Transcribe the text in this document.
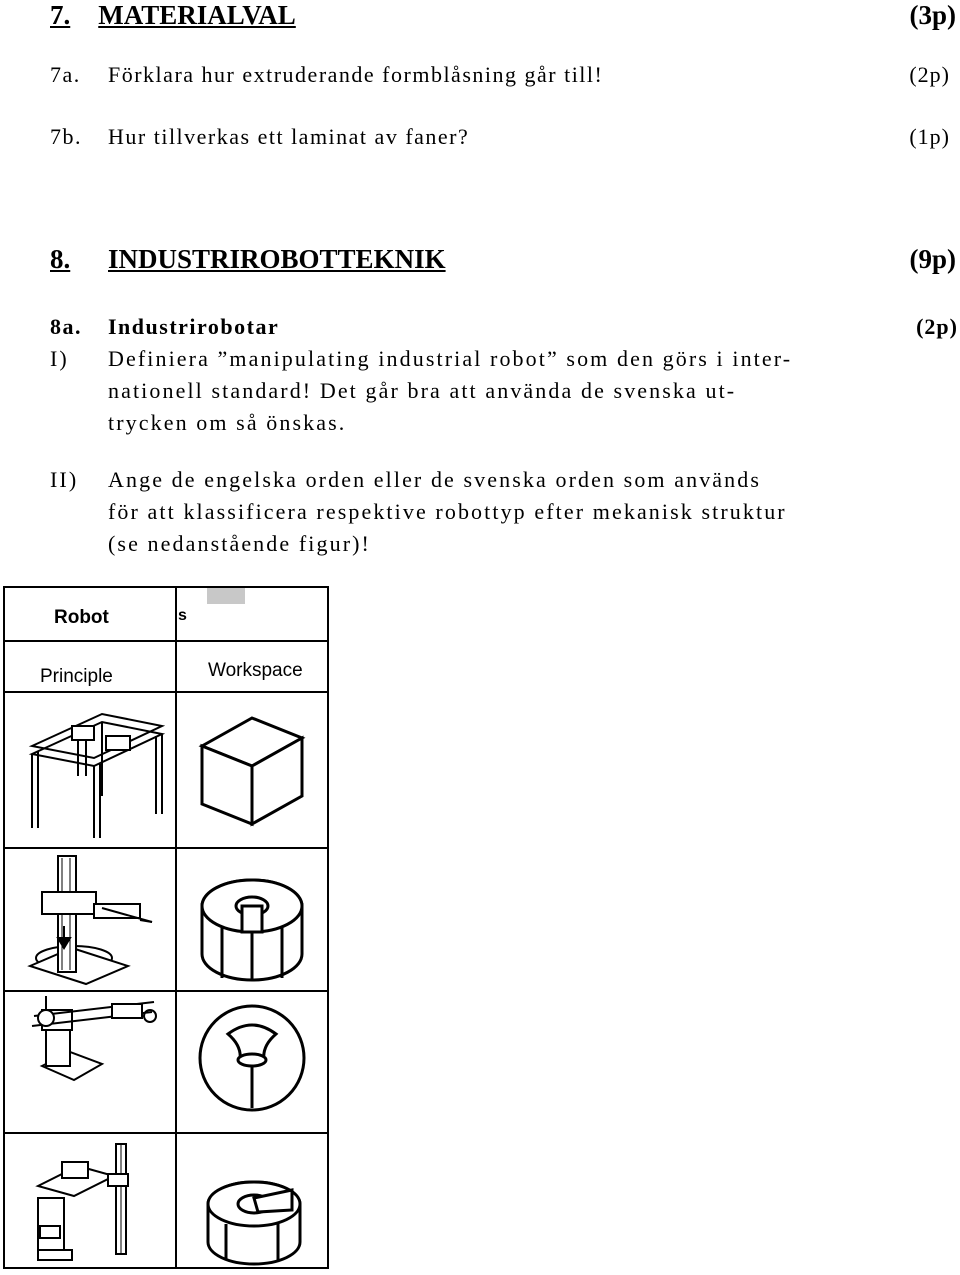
7. MATERIALVAL	(3p)
7a. Förklara hur extruderande formblåsning går till!	(2p)
7b. Hur tillverkas ett laminat av faner?	(1p)
8. INDUSTRIROBOTTEKNIK	(9p)
8a. Industrirobotar	(2p)
I) Definiera ”manipulating industrial robot” som den görs i inter-
nationell standard! Det går bra att använda de svenska ut-
trycken om så önskas.
II) Ange de engelska orden eller de svenska orden som används
för att klassificera respektive robottyp efter mekanisk struktur
(se nedanstående figur)!
Robot	s
Principle	Workspace
